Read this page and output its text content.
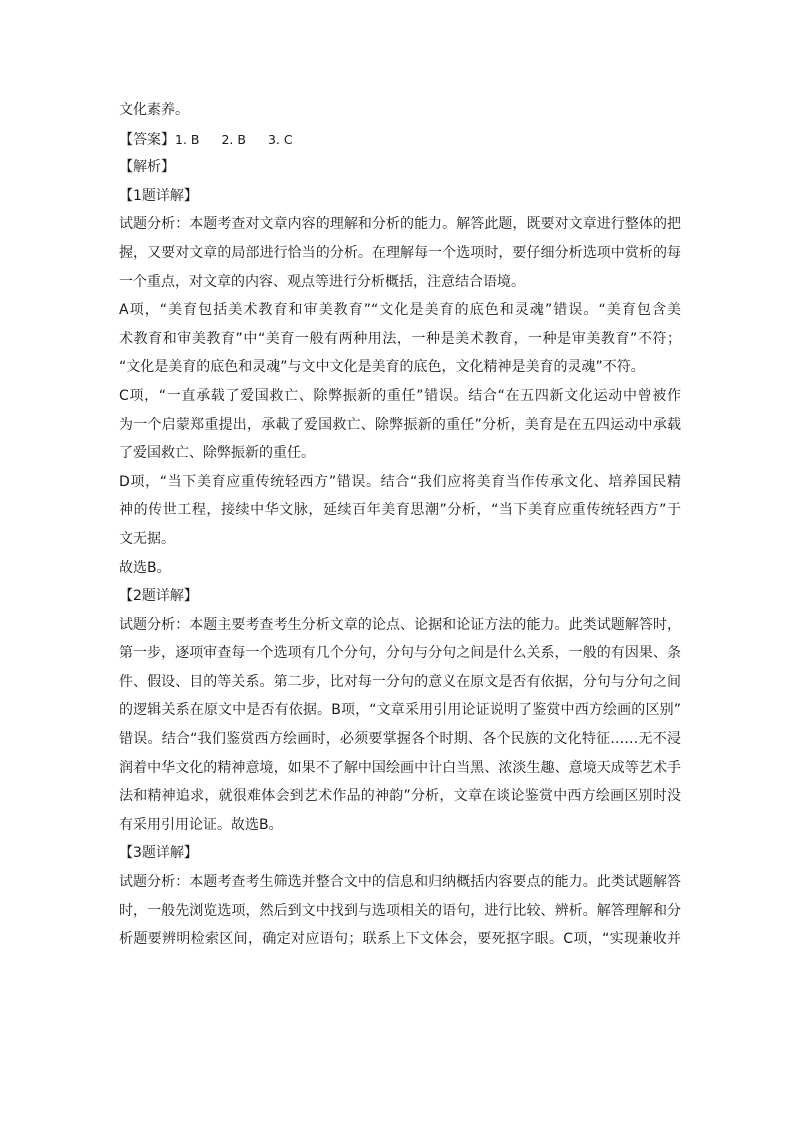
文化素养。
【答案】1. B 2. B 3. C
【解析】
【1题详解】
试题分析：本题考查对文章内容的理解和分析的能力。解答此题，既要对文章进行整体的把
握，又要对文章的局部进行恰当的分析。在理解每一个选项时，要仔细分析选项中赏析的每
一个重点，对文章的内容、观点等进行分析概括，注意结合语境。
A项，“美育包括美术教育和审美教育”“文化是美育的底色和灵魂”错误。“美育包含美
术教育和审美教育”中“美育一般有两种用法，一种是美术教育，一种是审美教育”不符；
“文化是美育的底色和灵魂”与文中文化是美育的底色，文化精神是美育的灵魂”不符。
C项，“一直承载了爱国救亡、除弊振新的重任”错误。结合“在五四新文化运动中曾被作
为一个启蒙郑重提出，承載了爱国救亡、除弊振新的重任”分析，美育是在五四运动中承载
了爱国救亡、除弊振新的重任。
D项，“当下美育应重传统轻西方”错误。结合“我们应将美育当作传承文化、培养国民精
神的传世工程，接续中华文脉，延续百年美育思潮”分析，“当下美育应重传统轻西方”于
文无据。
故选B。
【2题详解】
试题分析：本题主要考查考生分析文章的论点、论据和论证方法的能力。此类试题解答时，
第一步，逐项审查每一个选项有几个分句，分句与分句之间是什么关系，一般的有因果、条
件、假设、目的等关系。第二步，比对每一分句的意义在原文是否有依据，分句与分句之间
的逻辑关系在原文中是否有依据。B项，“文章采用引用论证说明了鉴赏中西方绘画的区别”
错误。结合“我们鉴赏西方绘画时，必须要掌握各个时期、各个民族的文化特征……无不浸
润着中华文化的精神意境，如果不了解中国绘画中计白当黑、浓淡生趣、意境天成等艺术手
法和精神追求，就很难体会到艺术作品的神韵”分析，文章在谈论鉴赏中西方绘画区别时没
有采用引用论证。故选B。
【3题详解】
试题分析：本题考查考生筛选并整合文中的信息和归纳概括内容要点的能力。此类试题解答
时，一般先浏览选项，然后到文中找到与选项相关的语句，进行比较、辨析。解答理解和分
析题要辨明检索区间，确定对应语句；联系上下文体会，要死抠字眼。C项，“实现兼收并
